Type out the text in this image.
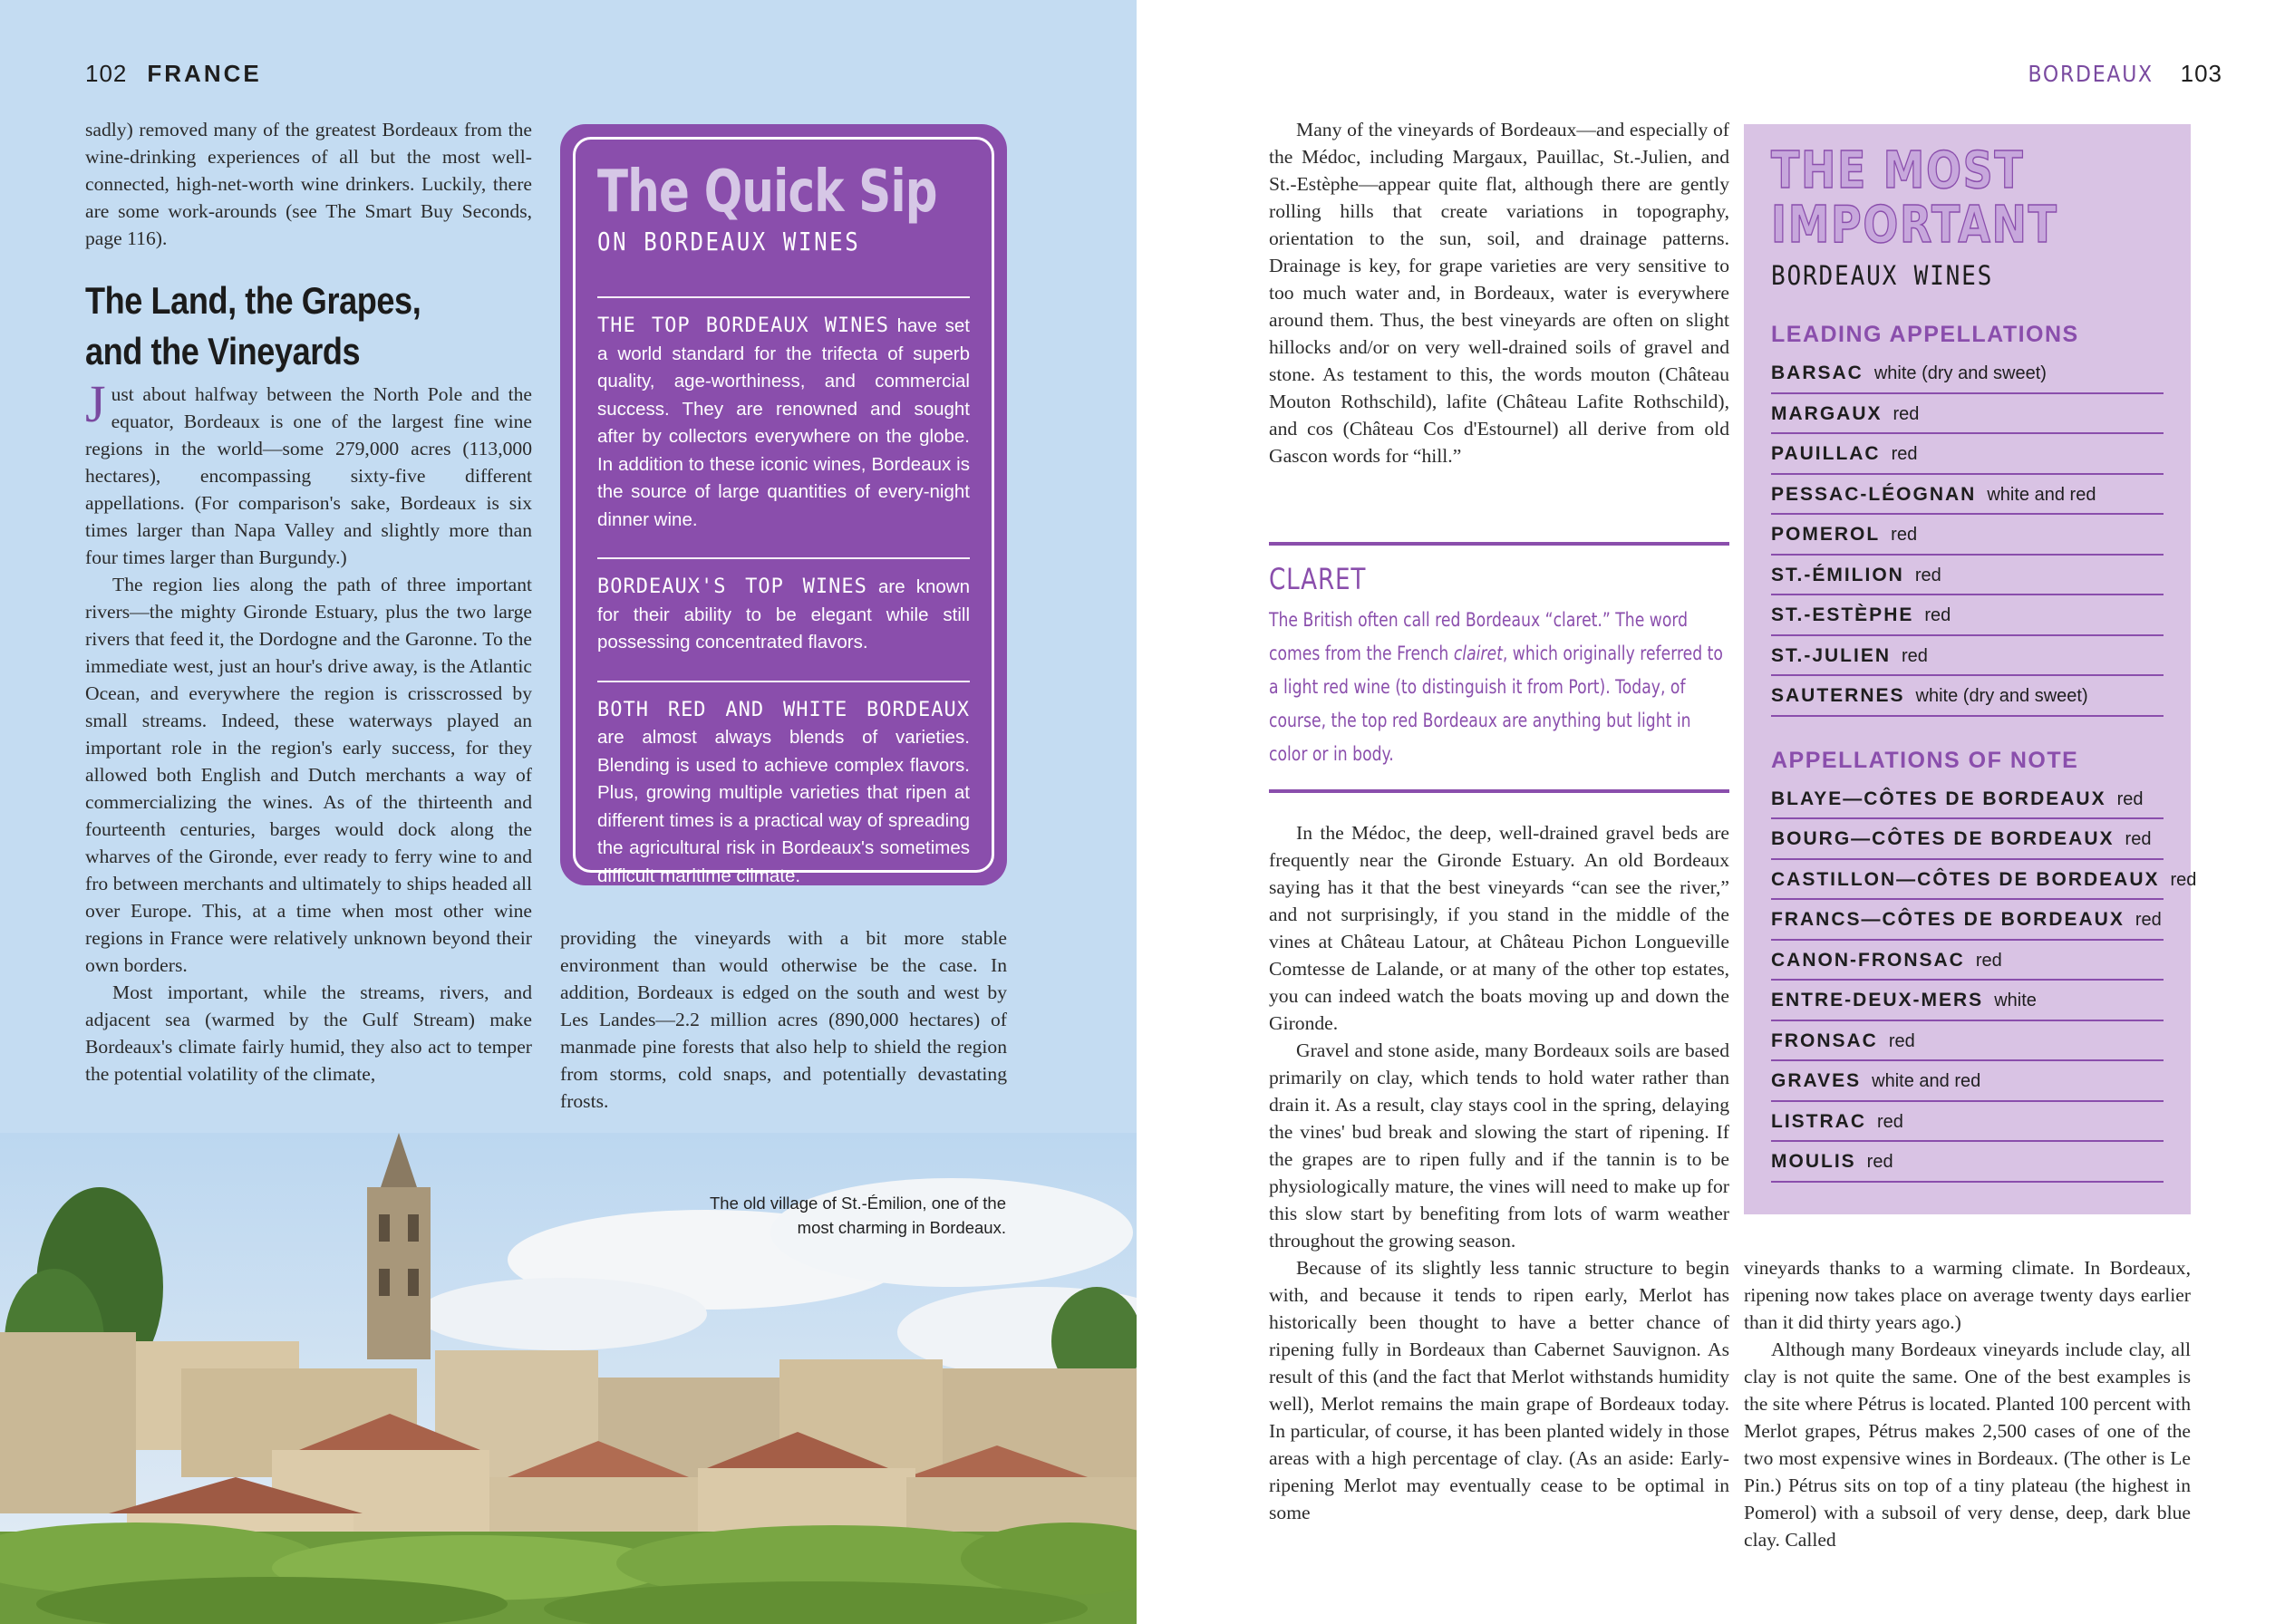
102 FRANCE

sadly) removed many of the greatest Bordeaux from the wine-drinking experiences of all but the most well-connected, high-net-worth wine drinkers. Luckily, there are some work-arounds (see The Smart Buy Seconds, page 116).

The Land, the Grapes,
and the Vineyards

Just about halfway between the North Pole and the equator, Bordeaux is one of the largest fine wine regions in the world—some 279,000 acres (113,000 hectares), encompassing sixty-five different appellations. (For comparison's sake, Bordeaux is six times larger than Napa Valley and slightly more than four times larger than Burgundy.)

The region lies along the path of three important rivers—the mighty Gironde Estuary, plus the two large rivers that feed it, the Dordogne and the Garonne. To the immediate west, just an hour's drive away, is the Atlantic Ocean, and everywhere the region is crisscrossed by small streams. Indeed, these waterways played an important role in the region's early success, for they allowed both English and Dutch merchants a way of commercializing the wines. As of the thirteenth and fourteenth centuries, barges would dock along the wharves of the Gironde, ever ready to ferry wine to and fro between merchants and ultimately to ships headed all over Europe. This, at a time when most other wine regions in France were relatively unknown beyond their own borders.

Most important, while the streams, rivers, and adjacent sea (warmed by the Gulf Stream) make Bordeaux's climate fairly humid, they also act to temper the potential volatility of the climate,

The Quick Sip
ON BORDEAUX WINES
THE TOP BORDEAUX WINES have set a world standard for the trifecta of superb quality, age-worthiness, and commercial success. They are renowned and sought after by collectors everywhere on the globe. In addition to these iconic wines, Bordeaux is the source of large quantities of every-night dinner wine.
BORDEAUX'S TOP WINES are known for their ability to be elegant while still possessing concentrated flavors.
BOTH RED AND WHITE BORDEAUX are almost always blends of varieties. Blending is used to achieve complex flavors. Plus, growing multiple varieties that ripen at different times is a practical way of spreading the agricultural risk in Bordeaux's sometimes difficult maritime climate.

providing the vineyards with a bit more stable environment than would otherwise be the case. In addition, Bordeaux is edged on the south and west by Les Landes—2.2 million acres (890,000 hectares) of manmade pine forests that also help to shield the region from storms, cold snaps, and potentially devastating frosts.

The old village of St.-Émilion, one of the most charming in Bordeaux.
BORDEAUX 103

Many of the vineyards of Bordeaux—and especially of the Médoc, including Margaux, Pauillac, St.-Julien, and St.-Estèphe—appear quite flat, although there are gently rolling hills that create variations in topography, orientation to the sun, soil, and drainage patterns. Drainage is key, for grape varieties are very sensitive to too much water and, in Bordeaux, water is everywhere around them. Thus, the best vineyards are often on slight hillocks and/or on very well-drained soils of gravel and stone. As testament to this, the words mouton (Château Mouton Rothschild), lafite (Château Lafite Rothschild), and cos (Château Cos d'Estournel) all derive from old Gascon words for “hill.”

CLARET
The British often call red Bordeaux “claret.” The word comes from the French clairet, which originally referred to a light red wine (to distinguish it from Port). Today, of course, the top red Bordeaux are anything but light in color or in body.

In the Médoc, the deep, well-drained gravel beds are frequently near the Gironde Estuary. An old Bordeaux saying has it that the best vineyards “can see the river,” and not surprisingly, if you stand in the middle of the vines at Château Latour, at Château Pichon Longueville Comtesse de Lalande, or at many of the other top estates, you can indeed watch the boats moving up and down the Gironde.

Gravel and stone aside, many Bordeaux soils are based primarily on clay, which tends to hold water rather than drain it. As a result, clay stays cool in the spring, delaying the vines' bud break and slowing the start of ripening. If the grapes are to ripen fully and if the tannin is to be physiologically mature, the vines will need to make up for this slow start by benefiting from lots of warm weather throughout the growing season.

Because of its slightly less tannic structure to begin with, and because it tends to ripen early, Merlot has historically been thought to have a better chance of ripening fully in Bordeaux than Cabernet Sauvignon. As result of this (and the fact that Merlot withstands humidity well), Merlot remains the main grape of Bordeaux today. In particular, of course, it has been planted widely in those areas with a high percentage of clay. (As an aside: Early-ripening Merlot may eventually cease to be optimal in some

THE MOST
IMPORTANT
BORDEAUX WINES
LEADING APPELLATIONS
BARSAC white (dry and sweet)
MARGAUX red
PAUILLAC red
PESSAC-LÉOGNAN white and red
POMEROL red
ST.-ÉMILION red
ST.-ESTÈPHE red
ST.-JULIEN red
SAUTERNES white (dry and sweet)
APPELLATIONS OF NOTE
BLAYE—CÔTES DE BORDEAUX red
BOURG—CÔTES DE BORDEAUX red
CASTILLON—CÔTES DE BORDEAUX red
FRANCS—CÔTES DE BORDEAUX red
CANON-FRONSAC red
ENTRE-DEUX-MERS white
FRONSAC red
GRAVES white and red
LISTRAC red
MOULIS red

vineyards thanks to a warming climate. In Bordeaux, ripening now takes place on average twenty days earlier than it did thirty years ago.)

Although many Bordeaux vineyards include clay, all clay is not quite the same. One of the best examples is the site where Pétrus is located. Planted 100 percent with Merlot grapes, Pétrus makes 2,500 cases of one of the two most expensive wines in Bordeaux. (The other is Le Pin.) Pétrus sits on top of a tiny plateau (the highest in Pomerol) with a subsoil of very dense, deep, dark blue clay. Called
